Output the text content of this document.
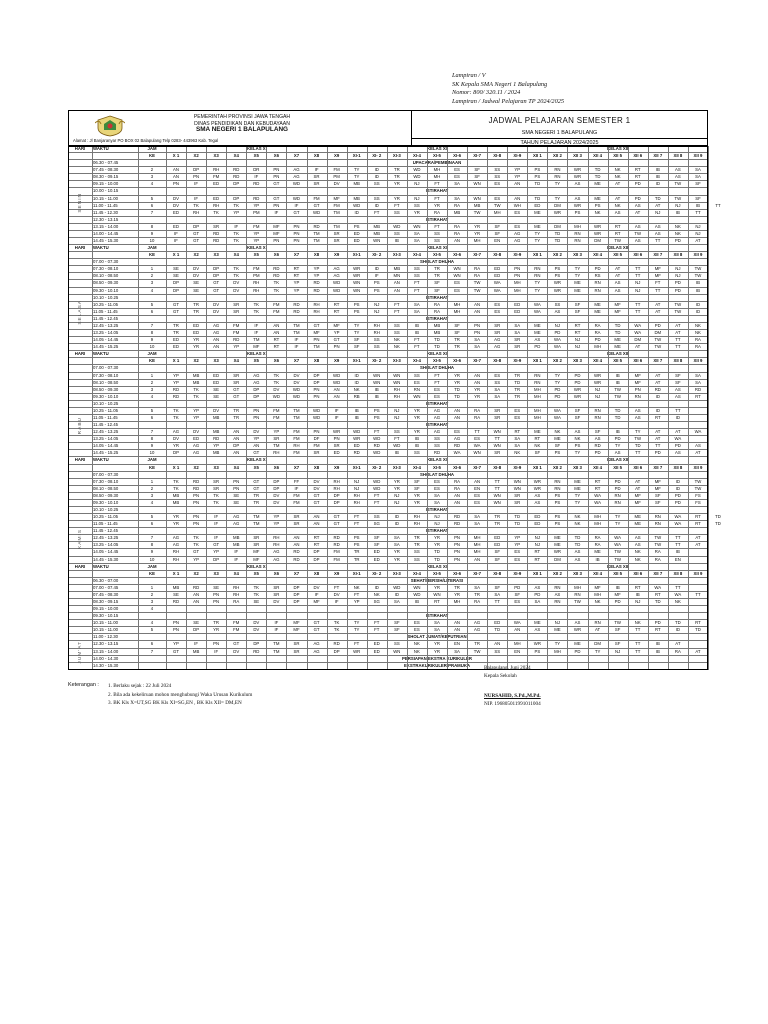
Lampiran / V
SK Kepala SMA Negeri 1 Balapulang
Nomor: 800/ 320.11 / 2024
Lampiran / Jadwal Pelajaran TP 2024/2025
PEMERINTAH PROVINSI JAWA TENGAH
DINAS PENDIDIKAN DAN KEBUDAYAAN
SMA NEGERI 1 BALAPULANG
Alamat : Jl Banjaranyar PO BOX 02 Balapulang Telp 0283- 443963 Kab. Tegal
JADWAL PELAJARAN SEMESTER 1
SMA NEGERI 1 BALAPULANG
TAHUN PELAJARAN 2024/2025
HARI	WAKTU	JAM	KELAS X	KELAS XI	KELAS XII
KE	X 1	X2	X3	X4	X5	X6	X7	X8	X9	XI-1	XI- 2	XI-3	XI-4	XI-5	XI-6	XI-7	XI-8	XI-9	XII 1	XII 2	XII 3	XII 4	XII 5	XII 6	XII 7	XII 8	XII 9
06.30 - 07.45	UPACARA/PEMBINAAN
07.45 - 08.30	2	AN	DP	RH	RD	DR	PN	AG	IF	FM	TY	ID	TR	WD	MH	ES	SF	SS	YP	PS	RN	WR	TD	NK	RT	IB	AS	SA
08.30 - 09.15	3	AN	PN	FM	RD	IF	PN	AG	SR	PM	TY	ID	TR	WD	MH	ES	SF	SS	YP	PS	RN	WR	TD	NK	RT	IB	AS	SA
09.15 - 10.00	4	PN	IF	ED	DP	RD	GT	WD	SR	DV	MB	SS	YR	NJ	FT	SA	WN	ES	AN	TD	TY	AS	ME	AT	PD	ID	TW	SF
10.00 - 10.15	ISTIRAHAT
10.15 - 11.00	5	DV	IF	ED	DP	RD	GT	WD	FM	MF	MB	SS	YR	NJ	FT	SA	WN	ES	AN	TD	TY	AS	ME	AT	PD	TD	TW	SF
11.00 - 11.45	6	DV	TK	RH	TK	YP	PN	IF	GT	FM	WD	ID	FT	SS	YR	RA	MB	TW	WH	ED	DM	WR	PS	NK	AS	AT	NJ	IB	TT
11.45 - 12.30	7	ED	RH	TK	YP	PM	IF	GT	WD	TM	ID	FT	SS	YR	RA	MB	TW	MH	ES	ME	WR	PS	NK	AS	AT	NJ	IB	TT
12.30 - 13.15	ISTIRAHAT
13.15 - 14.00	8	ED	DP	SR	IF	FM	MF	PN	RD	TM	PS	MB	WD	WN	FT	RA	YR	SF	ES	ME	DM	MH	WR	RT	AS	AS	NK	NJ
14.00 - 14.45	9	IF	GT	RD	TK	YP	MF	PN	TM	SR	ED	MB	SS	SA	SS	RA	YR	SF	AG	TY	TD	RN	WR	RT	TW	AS	NK	NJ
14.45 - 15.30	10	IF	GT	RD	TK	YP	PN	PN	TM	SR	ED	WN	IB	SA	SS	AN	MH	EN	AG	TY	TD	RN	DM	TW	AS	TT	PD	AT
SENIN
HARI	WAKTU	JAM	KELAS X	KELAS XI	KELAS XII
KE	X 1	X2	X3	X4	X5	X6	X7	X8	X9	XI-1	XI- 2	XI-3	XI-4	XI-5	XI-6	XI-7	XI-8	XI-9	XII 1	XII 2	XII 3	XII 4	XII 5	XII 6	XII 7	XII 8	XII 9
07.00 - 07.30	SHOLAT DHUHA
07.30 - 08.10	1	SE	DV	DP	TK	FM	RD	RT	YP	AG	WR	ID	MB	SS	TR	WN	RA	ED	PN	RN	PS	TY	PD	AT	TT	MF	NJ	TW
08.10 - 08.50	2	SE	DV	DP	TK	PM	RD	RT	YP	AG	WR	IF	MN	SS	TR	WN	RA	ED	PN	RN	PS	TY	RS	AT	TT	MF	NJ	TW
08.50 - 09.30	3	DP	SE	GT	DV	RH	TK	YP	RD	WD	WN	PS	AN	FT	SF	ES	TW	WA	MH	TY	WR	ME	RN	AS	NJ	FT	PD	IB
09.30 - 10.10	4	DP	SE	GT	DV	RH	TK	YP	RD	WD	WN	PS	AN	FT	SF	ES	TW	WA	MH	TY	WR	ME	RN	AS	NJ	TT	PD	IB
10.10 - 10.25	ISTIRAHAT
10.25 - 11.05	5	GT	TR	DV	SR	TK	FM	RD	RH	RT	PS	NJ	FT	SA	RA	MH	AN	ES	ED	WA	SS	SF	ME	MF	TT	AT	TW	ID
11.05 - 11.45	6	GT	TR	DV	SR	TK	FM	RD	RH	RT	PS	NJ	FT	SA	RA	MH	AN	ES	ED	WA	AS	SF	ME	MF	TT	AT	TW	ID
11.45 - 12.45	ISTIRAHAT
12.45 - 13.25	7	TR	ED	AG	FM	IF	AN	TM	GT	MF	TY	RH	SS	IB	MB	SF	PN	SR	SA	ME	NJ	RT	RA	TD	WA	PD	AT	NK
13.25 - 14.05	8	TR	ED	AG	FM	IF	AN	TM	MF	YP	TY	RH	SS	IB	MB	SF	PN	SR	SA	ME	PD	RT	RA	TD	WA	DM	AT	NK
14.05 - 14.45	9	ED	YR	AN	RD	TM	RT	IF	PN	GT	SF	SS	NK	FT	TD	TR	SA	AG	SR	AS	WA	NJ	PD	ME	DM	TW	TT	RA
14.45 - 15.25	10	ED	YR	AN	YP	MF	RT	IF	TM	PN	SF	SS	NK	FT	TD	TR	SA	AG	SR	PD	WA	NJ	MH	ME	AT	TW	TT	RA
SELASA
HARI	WAKTU	JAM	KELAS X	KELAS XI	KELAS XII
KE	X 1	X2	X3	X4	X5	X6	X7	X8	X9	XI-1	XI- 2	XI-3	XI-4	XI-5	XI-6	XI-7	XI-8	XI-9	XII 1	XII 2	XII 3	XII 4	XII 5	XII 6	XII 7	XII 8	XII 9
07.00 - 07.30	SHOLAT DHUHA
07.30 - 08.10	1	YP	MB	ED	SR	AG	TK	DV	DP	WD	ID	WN	WN	SS	FT	YR	AN	ES	TR	RN	TY	PD	WR	IB	MF	AT	SF	SA
08.10 - 08.50	2	YP	MB	ED	SR	AG	TK	DV	DP	WD	ID	WN	WN	ES	FT	YR	AN	SS	TD	RN	TY	PD	WR	IB	MF	AT	SF	SA
08.50 - 09.30	3	RD	TK	SE	GT	DP	DV	WD	PN	AN	NK	IB	RH	RN	ES	TD	YR	SA	TR	MH	PD	WR	NJ	TW	PN	RD	AS	RD
09.30 - 10.10	4	RD	TK	SE	GT	DP	WD	WD	PN	AN	RB	IB	RH	WN	ES	TD	YR	SA	TR	MH	PD	WR	NJ	TW	RN	ID	AS	RT
10.10 - 10.25	ISTIRAHAT
10.25 - 11.05	5	TK	YP	DV	TR	PN	FM	TM	WD	IF	IB	PS	NJ	YR	AG	AN	RA	SR	ES	MH	WA	SF	RN	TD	AS	ID	TT
11.05 - 11.45	6	TK	YP	MB	TR	PN	FM	TM	WD	IF	IB	PS	NJ	YR	AG	AN	RA	SR	ES	MH	WA	SF	RN	TD	AS	RT	ID
11.45 - 12.45	ISTIRAHAT
12.45 - 13.25	7	AG	DV	MB	AN	DV	YP	FM	PN	WR	WD	FT	SS	YR	AG	ES	TT	WN	RT	ME	NK	AS	SF	IB	TY	AT	AT	WA
13.25 - 14.05	8	DV	ED	RD	AN	YP	SR	FM	DF	PN	WR	WD	FT	IB	SS	AG	ES	TT	SA	RT	ME	NK	AS	PD	TW	AT	WA
14.05 - 14.45	9	YR	AG	YP	DP	AN	TM	RH	FM	SR	ED	RD	WD	IB	SS	RD	WA	WN	SA	NK	SF	PS	RD	TY	TD	TT	PD	AS
14.45 - 15.25	10	DP	AG	MB	AN	GT	RH	FM	SR	ED	RD	WD	IB	SS	RD	WA	WN	SR	NK	SF	PS	TY	PD	AS	TT	PD	AS	AT
RABU
HARI	WAKTU	JAM	KELAS X	KELAS XI	KELAS XII
KE	X 1	X2	X3	X4	X5	X6	X7	X8	X9	XI-1	XI- 2	XI-3	XI-4	XI-5	XI-6	XI-7	XI-8	XI-9	XII 1	XII 2	XII 3	XII 4	XII 5	XII 6	XII 7	XII 8	XII 9
07.00 - 07.30	SHOLAT DHUHA
07.30 - 08.10	1	TK	RD	SR	PN	GT	DP	FF	DV	RH	NJ	WD	YR	SF	ES	RA	AN	TT	WN	WR	RN	ME	RT	PD	AT	MF	ID	TW
08.10 - 08.50	2	TK	RD	SR	PN	GT	DP	IF	DV	RH	NJ	WD	YR	SF	ES	RA	EN	TT	WN	WR	RN	ME	RT	PD	AT	MF	ID	TW
08.50 - 09.30	3	MB	PN	TK	SE	TR	DV	FM	GT	DP	RH	FT	NJ	YR	SA	AN	ES	WN	SR	AS	PS	TY	WA	RN	MF	SF	PD	FS
09.30 - 10.10	4	MB	PN	TK	SE	TR	DV	FM	GT	DP	RH	FT	NJ	YR	SA	AN	ES	WN	SR	AS	PS	TY	WA	RN	MF	SF	PD	FS
10.10 - 10.25	ISTIRAHAT
10.25 - 11.05	5	YR	PN	IF	AG	TM	YP	SR	AN	GT	FT	SS	ID	RH	NJ	RD	SA	TR	TD	ED	PS	NK	MH	TY	ME	RN	WA	RT	TD
11.05 - 11.45	6	YR	PN	IF	AG	TM	YP	SR	AN	GT	FT	SG	ID	RH	NJ	RD	SA	TR	TD	ED	PS	NK	MH	TY	ME	RN	WA	RT	TD
11.45 - 12.45	ISTIRAHAT
12.45 - 13.25	7	AG	TK	IF	MB	SR	RH	AN	RT	RD	PS	SF	SA	TR	YR	PN	MH	ED	YP	NJ	ME	TD	RA	WA	AS	TW	TT	AT
13.25 - 14.05	8	AG	TK	GT	MB	SR	RH	AN	RT	RD	PS	SF	SA	TR	YR	PN	MH	ED	YP	NJ	ME	TD	RA	WA	AS	TW	TT	AT
14.05 - 14.45	9	RH	GT	YP	IF	MF	AG	RD	DP	FM	TR	ED	YR	SS	TD	PN	MH	SF	ES	RT	WR	AS	ME	TW	NK	RA	IB
14.45 - 15.30	10	RH	YP	DP	IF	MF	AG	RD	DP	FM	TR	ED	YR	SS	TD	PN	AN	SF	ES	RT	DM	AS	IB	TW	NK	RA	EN
KAMIS
HARI	WAKTU	JAM	KELAS X	KELAS XI	KELAS XII
KE	X 1	X2	X3	X4	X5	X6	X7	X8	X9	XI-1	XI- 2	XI-3	XI-4	XI-5	XI-6	XI-7	XI-8	XI-9	XII 1	XII 2	XII 3	XII 4	XII 5	XII 6	XII 7	XII 8	XII 9
06.30 - 07.00	SEHAT/BERSIH/LITERASI
07.00 - 07.45	1	MB	RD	SE	RH	TK	SR	DP	DV	FT	NK	ID	WD	WN	YR	TR	SA	SF	PD	AS	RN	MH	MF	IB	RT	WA	TT
07.45 - 08.30	2	SE	AN	PN	RH	TK	SR	DP	IF	DV	FT	NK	ID	WD	WN	YR	TR	SA	SF	PD	AS	RN	MH	MF	IB	RT	WA	TT
08.30 - 09.15	3	RD	AN	PN	RA	SE	DV	DP	MF	IF	YP	SG	SA	IB	RT	MH	RA	TT	ES	SA	RN	TW	NK	PD	NJ	TD	NK
09.15 - 10.00	4
09.30 - 10.15	ISTIRAHAT
10.15 - 11.00	4	PN	SE	TR	FM	DV	IF	MF	GT	TK	TY	FT	SF	ES	SA	AN	AG	ED	WA	ME	NJ	AS	RN	TW	NK	PD	TD	RT
10.15 - 11.00	5	PN	DP	YR	FM	DV	IF	MF	GT	TK	TY	FT	SF	ES	SA	AN	AG	TD	AN	AS	ME	WR	AT	SF	TT	RT	ID	TD
11.00 - 12.30	SHOLAT JUMAT/KEPUTRIAN
12.30 - 13.15	6	YP	IF	PN	GT	DP	TM	SR	AG	RD	FT	ED	SS	NK	YR	EN	TR	AN	MH	WR	TY	ME	DM	SF	TT	IB	AT
13.15 - 14.00	7	GT	MB	IF	DV	RD	TM	SR	AG	DP	WR	ED	WN	NK	YR	SA	TW	SS	EN	PS	MH	PD	TY	NJ	TT	IB	RA	AT
14.00 - 14.30	PERSIAPAN EKSTRA KURIKULER
14.30 - 15.30	EKSTRAKURIKULER PRAMUKA
JUM'AT
Keterangan : 1. Berlaku sejak : 22 Juli 2024
2. Bila ada kekeliruan mohon menghubungi Waka Urusan Kurikulum
3. BK Kls X=UT,SG BK Kls XI=SG,EN , BK Kls XII= DM,EN
Balapulang, Juni 2024
Kepala Sekolah
NURSAHID, S.Pd.,M.Pd.
NIP. 196805011991011004
